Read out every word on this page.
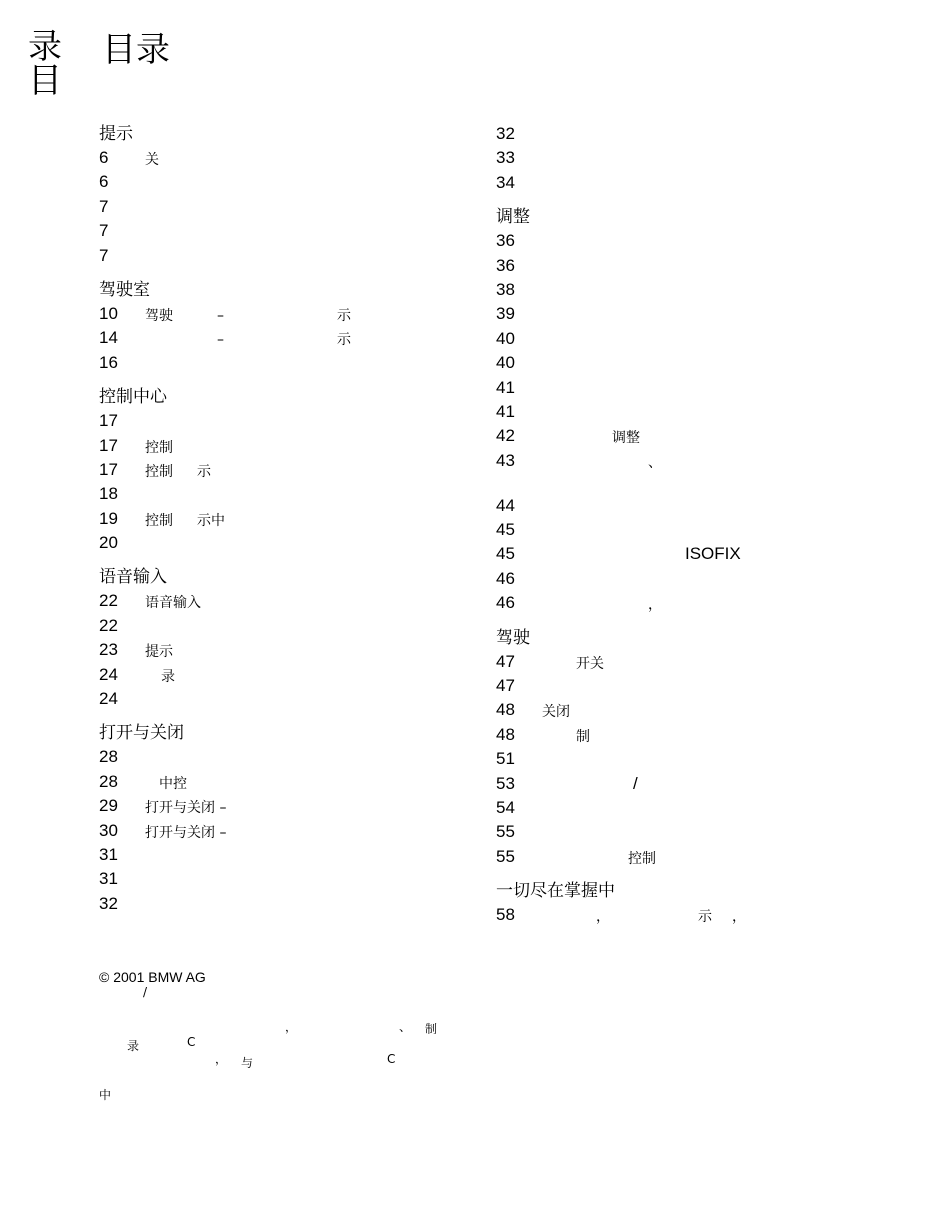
录
目
目录
提示
6	关
6
7
7
7
驾驶室
10 驾驶	–	示
14	–	示
16
控制中心
17
17 控制
17 控制 示
18
19 控制 示中
20
语音输入
22 语音输入
22
23 提示
24	录
24
打开与关闭
28
28	中控
29 打开与关闭 –
30 打开与关闭 –
31
31
32
32
33
34
调整
36
36
38
39
40
40
41
41
42	调整
43	、
44
45
45	ISOFIX
46
46	，
驾驶
47	开关
47
48 关闭
48	制
51
53	/
54
55
55	控制
一切尽在掌握中
58	，	示 ，
© 2001 BMW AG
/
，	、 制
录	C
， 与	C
中
